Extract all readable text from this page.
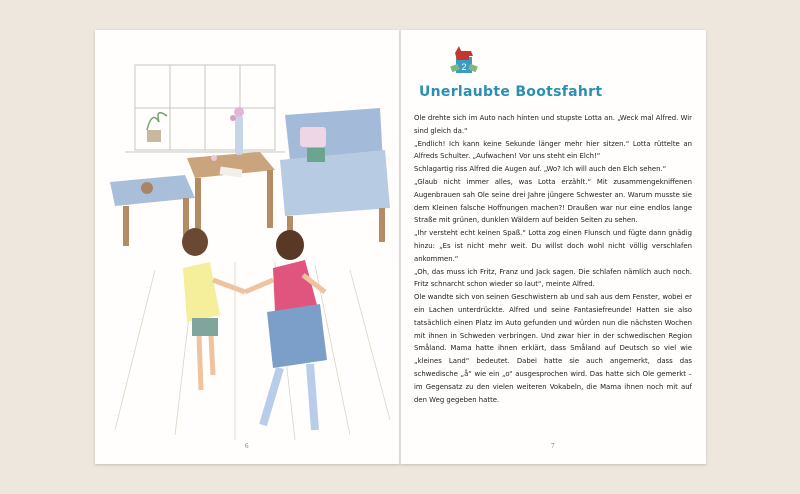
6
2
Unerlaubte Bootsfahrt

Ole drehte sich im Auto nach hinten und stupste Lotta an. „Weck mal Alfred. Wir sind gleich da.“

„Endlich! Ich kann keine Sekunde länger mehr hier sitzen.“ Lotta rüttelte an Alfreds Schulter. „Aufwachen! Vor uns steht ein Elch!“

Schlagartig riss Alfred die Augen auf. „Wo? Ich will auch den Elch sehen.“

„Glaub nicht immer alles, was Lotta erzählt.“ Mit zusammengekniffenen Augenbrauen sah Ole seine drei Jahre jüngere Schwester an. Warum musste sie dem Kleinen falsche Hoffnungen machen?! Draußen war nur eine endlos lange Straße mit grünen, dunklen Wäldern auf beiden Seiten zu sehen.

„Ihr versteht echt keinen Spaß.“ Lotta zog einen Flunsch und fügte dann gnädig hinzu: „Es ist nicht mehr weit. Du willst doch wohl nicht völlig verschlafen ankommen.“

„Oh, das muss ich Fritz, Franz und Jack sagen. Die schlafen nämlich auch noch. Fritz schnarcht schon wieder so laut“, meinte Alfred.

Ole wandte sich von seinen Geschwistern ab und sah aus dem Fenster, wobei er ein Lachen unterdrückte. Alfred und seine Fantasiefreunde! Hatten sie also tatsächlich einen Platz im Auto gefunden und würden nun die nächsten Wochen mit ihnen in Schweden verbringen. Und zwar hier in der schwedischen Region Småland. Mama hatte ihnen erklärt, dass Småland auf Deutsch so viel wie „kleines Land“ bedeutet. Dabei hatte sie auch angemerkt, dass das schwedische „å“ wie ein „o“ ausgesprochen wird. Das hatte sich Ole gemerkt – im Gegensatz zu den vielen weiteren Vokabeln, die Mama ihnen noch mit auf den Weg gegeben hatte.

7
